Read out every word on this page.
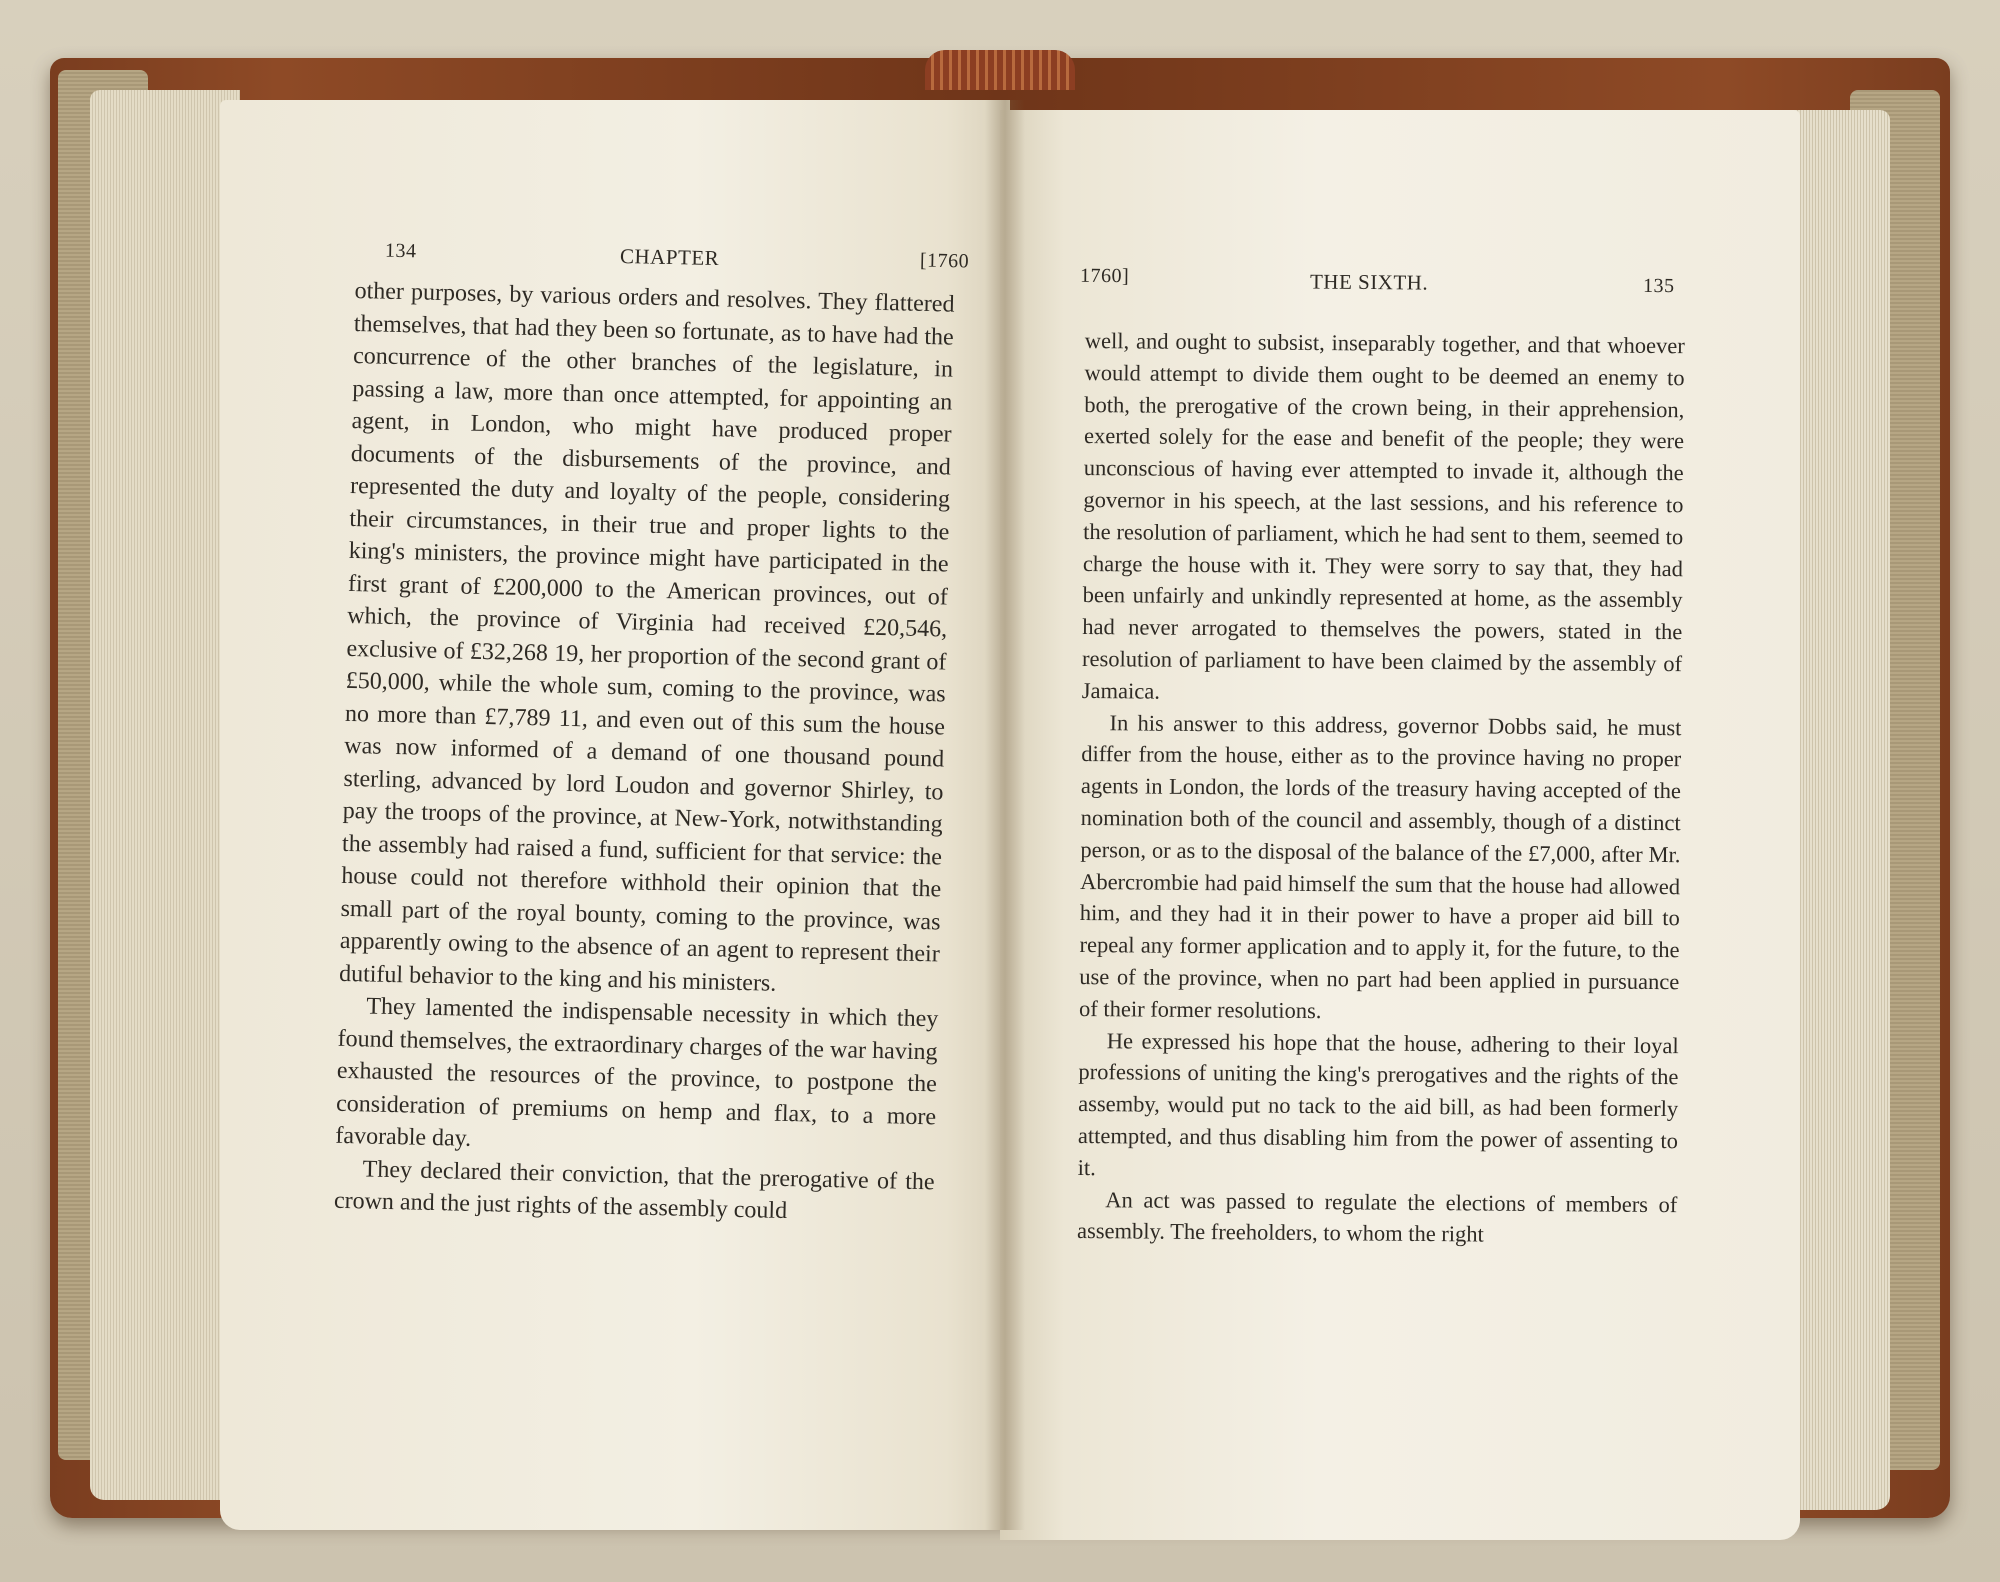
134	CHAPTER	[1760

other purposes, by various orders and resolves. They flattered themselves, that had they been so fortunate, as to have had the concurrence of the other branches of the legislature, in passing a law, more than once attempted, for appointing an agent, in London, who might have produced proper documents of the disbursements of the province, and represented the duty and loyalty of the people, considering their circumstances, in their true and proper lights to the king's ministers, the province might have participated in the first grant of £200,000 to the American provinces, out of which, the province of Virginia had received £20,546, exclusive of £32,268 19, her proportion of the second grant of £50,000, while the whole sum, coming to the province, was no more than £7,789 11, and even out of this sum the house was now informed of a demand of one thousand pound sterling, advanced by lord Loudon and governor Shirley, to pay the troops of the province, at New-York, notwithstanding the assembly had raised a fund, sufficient for that service: the house could not therefore withhold their opinion that the small part of the royal bounty, coming to the province, was apparently owing to the absence of an agent to represent their dutiful behavior to the king and his ministers.

They lamented the indispensable necessity in which they found themselves, the extraordinary charges of the war having exhausted the resources of the province, to postpone the consideration of premiums on hemp and flax, to a more favorable day.

They declared their conviction, that the prerogative of the crown and the just rights of the assembly could

1760]	THE SIXTH.	135

well, and ought to subsist, inseparably together, and that whoever would attempt to divide them ought to be deemed an enemy to both, the prerogative of the crown being, in their apprehension, exerted solely for the ease and benefit of the people; they were unconscious of having ever attempted to invade it, although the governor in his speech, at the last sessions, and his reference to the resolution of parliament, which he had sent to them, seemed to charge the house with it. They were sorry to say that, they had been unfairly and unkindly represented at home, as the assembly had never arrogated to themselves the powers, stated in the resolution of parliament to have been claimed by the assembly of Jamaica.

In his answer to this address, governor Dobbs said, he must differ from the house, either as to the province having no proper agents in London, the lords of the treasury having accepted of the nomination both of the council and assembly, though of a distinct person, or as to the disposal of the balance of the £7,000, after Mr. Abercrombie had paid himself the sum that the house had allowed him, and they had it in their power to have a proper aid bill to repeal any former application and to apply it, for the future, to the use of the province, when no part had been applied in pursuance of their former resolutions.

He expressed his hope that the house, adhering to their loyal professions of uniting the king's prerogatives and the rights of the assemby, would put no tack to the aid bill, as had been formerly attempted, and thus disabling him from the power of assenting to it.

An act was passed to regulate the elections of members of assembly. The freeholders, to whom the right
